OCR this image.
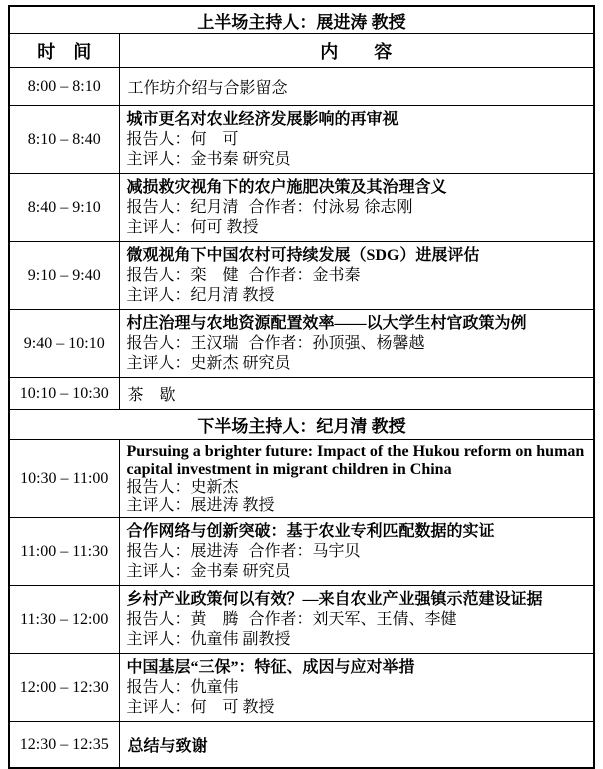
上半场主持人：展进涛 教授	
时　间	内　　容
8:00 – 8:10	工作坊介绍与合影留念
8:10 – 8:40	城市更名对农业经济发展影响的再审视
报告人：何　可
主评人：金书秦 研究员

8:40 – 9:10	减损救灾视角下的农户施肥决策及其治理含义
报告人：纪月清 合作者：付泳易 徐志刚
主评人：何可 教授

9:10 – 9:40	微观视角下中国农村可持续发展（SDG）进展评估
报告人：栾　健 合作者：金书秦
主评人：纪月清 教授

9:40 – 10:10	村庄治理与农地资源配置效率——以大学生村官政策为例
报告人：王汉瑞 合作者：孙顶强、杨馨越
主评人：史新杰 研究员

10:10 – 10:30	茶　歇
下半场主持人：纪月清 教授	
10:30 – 11:00	Pursuing a brighter future: Impact of the Hukou reform on human capital investment in migrant children in China
报告人：史新杰
主评人：展进涛 教授

11:00 – 11:30	合作网络与创新突破：基于农业专利匹配数据的实证
报告人：展进涛 合作者：马宇贝
主评人：金书秦 研究员

11:30 – 12:00	乡村产业政策何以有效？—来自农业产业强镇示范建设证据
报告人：黄　腾 合作者：刘天军、王倩、李健
主评人：仇童伟 副教授

12:00 – 12:30	中国基层“三保”：特征、成因与应对举措
报告人：仇童伟
主评人：何　可 教授

12:30 – 12:35	总结与致谢
